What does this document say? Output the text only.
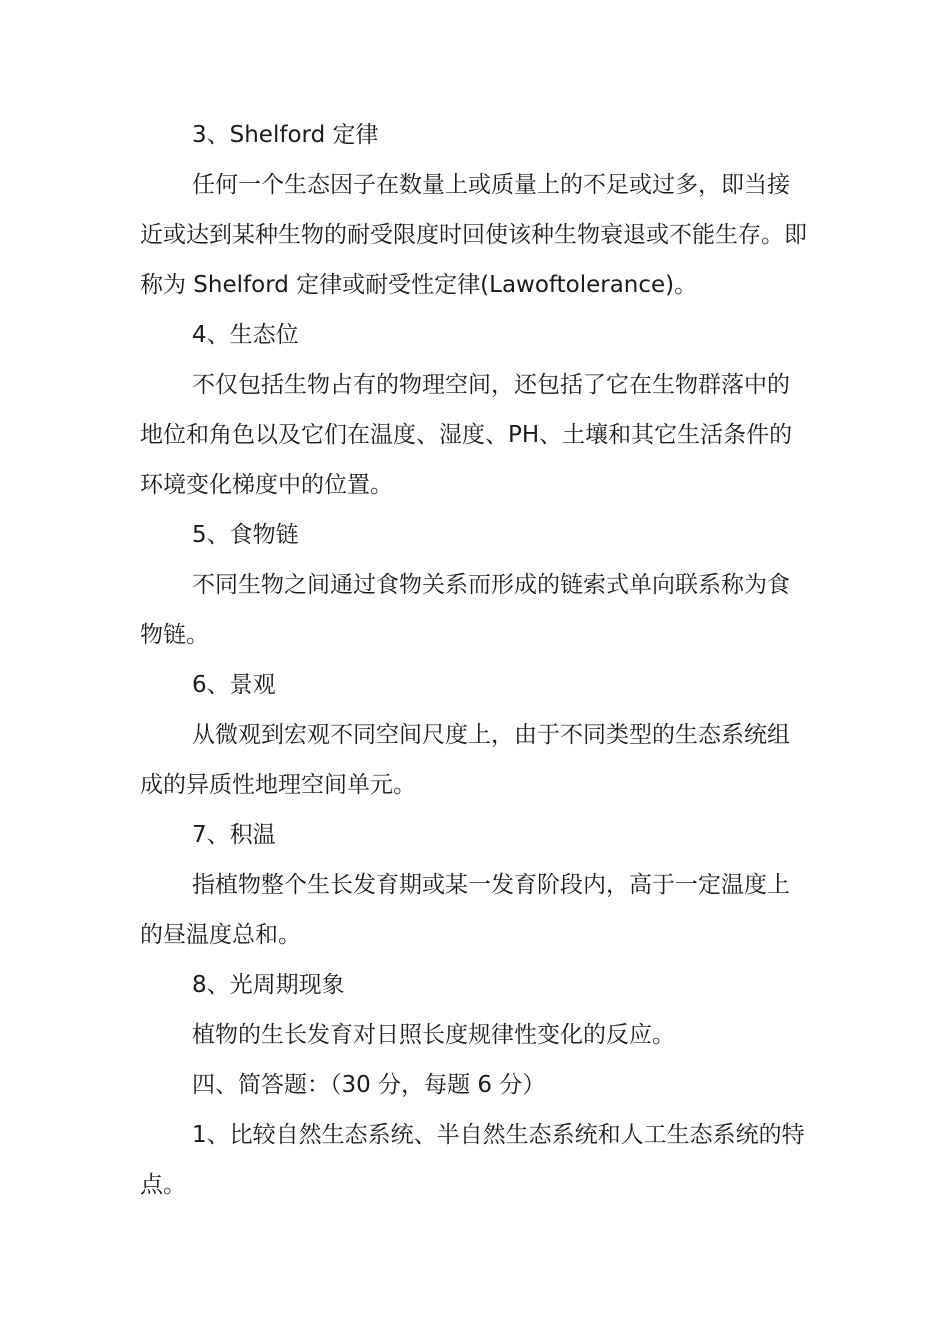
3、Shelford 定律

任何一个生态因子在数量上或质量上的不足或过多，即当接近或达到某种生物的耐受限度时回使该种生物衰退或不能生存。即称为 Shelford 定律或耐受性定律(Lawoftolerance)。

4、生态位

不仅包括生物占有的物理空间，还包括了它在生物群落中的地位和角色以及它们在温度、湿度、PH、土壤和其它生活条件的环境变化梯度中的位置。

5、食物链

不同生物之间通过食物关系而形成的链索式单向联系称为食物链。

6、景观

从微观到宏观不同空间尺度上，由于不同类型的生态系统组成的异质性地理空间单元。

7、积温

指植物整个生长发育期或某一发育阶段内，高于一定温度上的昼温度总和。

8、光周期现象

植物的生长发育对日照长度规律性变化的反应。

四、简答题：（30 分，每题 6 分）

1、比较自然生态系统、半自然生态系统和人工生态系统的特点。
